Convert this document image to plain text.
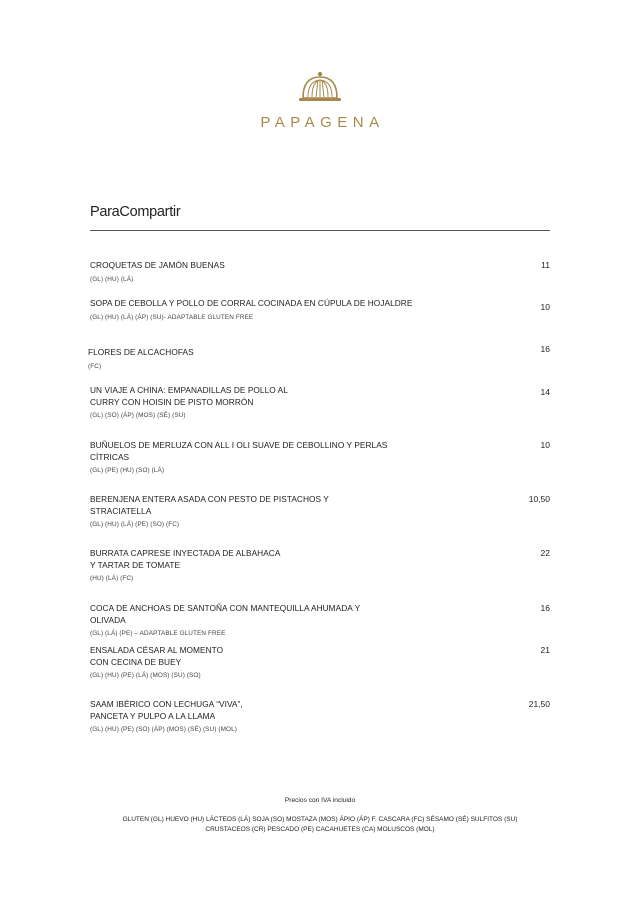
PAPAGENA
ParaCompartir
CROQUETAS DE JAMÓN BUENAS
(GL) (HU) (LÁ)
11
SOPA DE CEBOLLA Y POLLO DE CORRAL COCINADA EN CÚPULA DE HOJALDRE
(GL) (HU) (LÁ) (ÁP) (SU)- ADAPTABLE GLUTEN FREE
10
FLORES DE ALCACHOFAS
(FC)
16
UN VIAJE A CHINA: EMPANADILLAS DE POLLO AL
CURRY CON HOISIN DE PISTO MORRÓN
(GL) (SO) (ÁP) (MOS) (SÉ) (SU)
14
BUÑUELOS DE MERLUZA CON ALL I OLI SUAVE DE CEBOLLINO Y PERLAS
CÍTRICAS
(GL) (PE) (HU) (SO) (LÁ)
10
BERENJENA ENTERA ASADA CON PESTO DE PISTACHOS Y
STRACIATELLA
(GL) (HU) (LÁ) (PE) (SO) (FC)
10,50
BURRATA CAPRESE INYECTADA DE ALBAHACA
Y TARTAR DE TOMATE
(HU) (LÁ) (FC)
22
COCA DE ANCHOAS DE SANTOÑA CON MANTEQUILLA AHUMADA Y
OLIVADA
(GL) (LÁ) (PE) – ADAPTABLE GLUTEN FREE
16
ENSALADA CÉSAR AL MOMENTO
CON CECINA DE BUEY
(GL) (HU) (PE) (LÁ) (MOS) (SU) (SO)
21
SAAM IBÉRICO CON LECHUGA “VIVA”,
PANCETA Y PULPO A LA LLAMA
(GL) (HU) (PE) (SO) (ÁP) (MOS) (SÉ) (SU) (MOL)
21,50
Precios con IVA incluido
GLUTEN (GL) HUEVO (HU) LÁCTEOS (LÁ) SOJA (SO) MOSTAZA (MOS) ÁPIO (ÁP) F. CASCARA (FC) SÉSAMO (SÉ) SULFITOS (SU)
CRUSTACEOS (CR) PESCADO (PE) CACAHUETES (CA) MOLUSCOS (MOL)
